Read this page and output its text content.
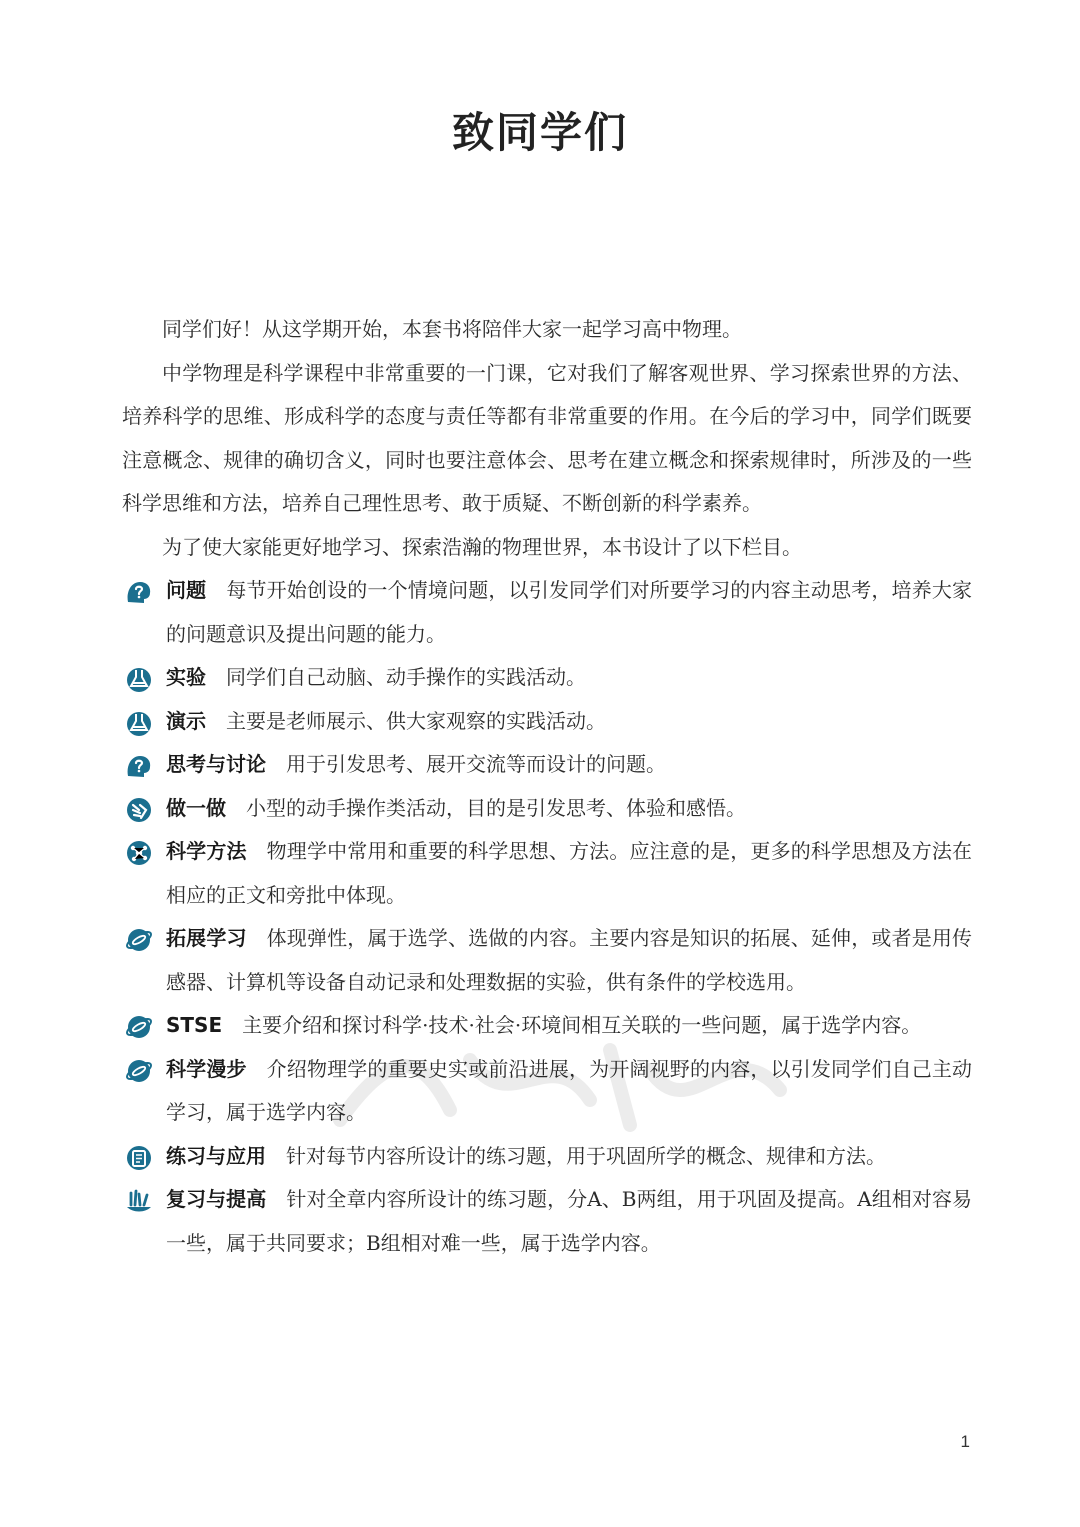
致同学们

同学们好！从这学期开始，本套书将陪伴大家一起学习高中物理。

中学物理是科学课程中非常重要的一门课，它对我们了解客观世界、学习探索世界的方法、培养科学的思维、形成科学的态度与责任等都有非常重要的作用。在今后的学习中，同学们既要注意概念、规律的确切含义，同时也要注意体会、思考在建立概念和探索规律时，所涉及的一些科学思维和方法，培养自己理性思考、敢于质疑、不断创新的科学素养。

为了使大家能更好地学习、探索浩瀚的物理世界，本书设计了以下栏目。

问题 每节开始创设的一个情境问题，以引发同学们对所要学习的内容主动思考，培养大家的问题意识及提出问题的能力。

实验 同学们自己动脑、动手操作的实践活动。

演示 主要是老师展示、供大家观察的实践活动。

思考与讨论 用于引发思考、展开交流等而设计的问题。

做一做 小型的动手操作类活动，目的是引发思考、体验和感悟。

科学方法 物理学中常用和重要的科学思想、方法。应注意的是，更多的科学思想及方法在相应的正文和旁批中体现。

拓展学习 体现弹性，属于选学、选做的内容。主要内容是知识的拓展、延伸，或者是用传感器、计算机等设备自动记录和处理数据的实验，供有条件的学校选用。

STSE 主要介绍和探讨科学·技术·社会·环境间相互关联的一些问题，属于选学内容。

科学漫步 介绍物理学的重要史实或前沿进展，为开阔视野的内容，以引发同学们自己主动学习，属于选学内容。

练习与应用 针对每节内容所设计的练习题，用于巩固所学的概念、规律和方法。

复习与提高 针对全章内容所设计的练习题，分A、B两组，用于巩固及提高。A组相对容易一些，属于共同要求；B组相对难一些，属于选学内容。

1
